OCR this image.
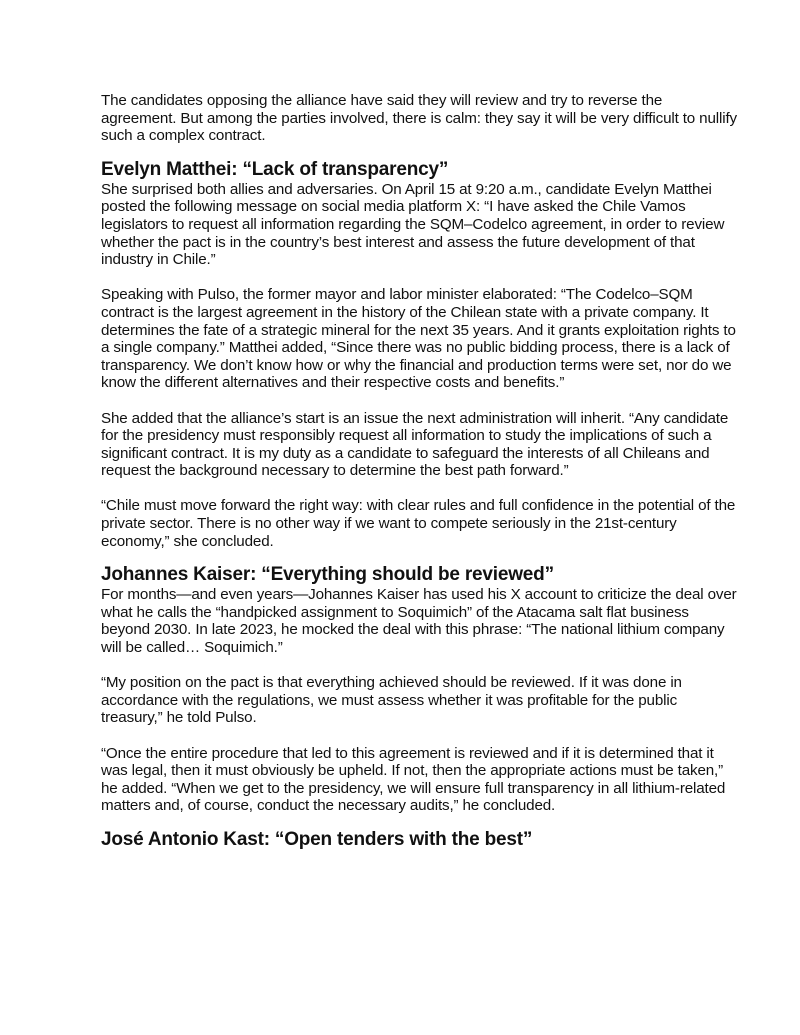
The candidates opposing the alliance have said they will review and try to reverse the agreement. But among the parties involved, there is calm: they say it will be very difficult to nullify such a complex contract.

Evelyn Matthei: “Lack of transparency”

She surprised both allies and adversaries. On April 15 at 9:20 a.m., candidate Evelyn Matthei posted the following message on social media platform X: “I have asked the Chile Vamos legislators to request all information regarding the SQM–Codelco agreement, in order to review whether the pact is in the country’s best interest and assess the future development of that industry in Chile.”

Speaking with Pulso, the former mayor and labor minister elaborated: “The Codelco–SQM contract is the largest agreement in the history of the Chilean state with a private company. It determines the fate of a strategic mineral for the next 35 years. And it grants exploitation rights to a single company.” Matthei added, “Since there was no public bidding process, there is a lack of transparency. We don’t know how or why the financial and production terms were set, nor do we know the different alternatives and their respective costs and benefits.”

She added that the alliance’s start is an issue the next administration will inherit. “Any candidate for the presidency must responsibly request all information to study the implications of such a significant contract. It is my duty as a candidate to safeguard the interests of all Chileans and request the background necessary to determine the best path forward.”

“Chile must move forward the right way: with clear rules and full confidence in the potential of the private sector. There is no other way if we want to compete seriously in the 21st-century economy,” she concluded.

Johannes Kaiser: “Everything should be reviewed”

For months—and even years—Johannes Kaiser has used his X account to criticize the deal over what he calls the “handpicked assignment to Soquimich” of the Atacama salt flat business beyond 2030. In late 2023, he mocked the deal with this phrase: “The national lithium company will be called… Soquimich.”

“My position on the pact is that everything achieved should be reviewed. If it was done in accordance with the regulations, we must assess whether it was profitable for the public treasury,” he told Pulso.

“Once the entire procedure that led to this agreement is reviewed and if it is determined that it was legal, then it must obviously be upheld. If not, then the appropriate actions must be taken,” he added. “When we get to the presidency, we will ensure full transparency in all lithium-related matters and, of course, conduct the necessary audits,” he concluded.

José Antonio Kast: “Open tenders with the best”
